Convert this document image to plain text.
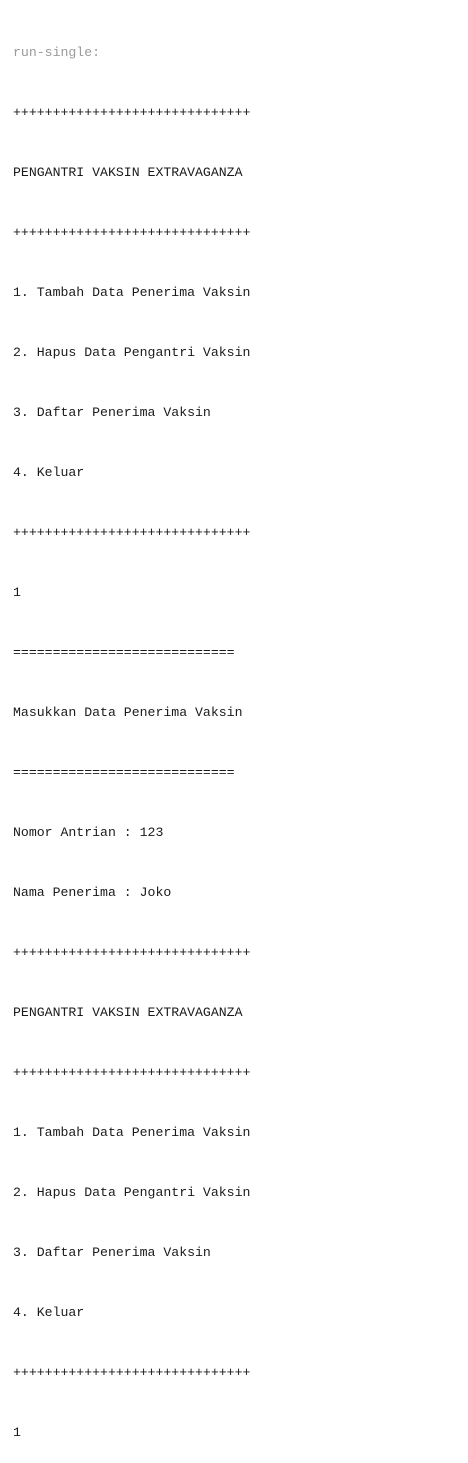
run-single:

++++++++++++++++++++++++++++++

PENGANTRI VAKSIN EXTRAVAGANZA

++++++++++++++++++++++++++++++

1. Tambah Data Penerima Vaksin

2. Hapus Data Pengantri Vaksin

3. Daftar Penerima Vaksin

4. Keluar

++++++++++++++++++++++++++++++

1

============================

Masukkan Data Penerima Vaksin

============================

Nomor Antrian : 123

Nama Penerima : Joko

++++++++++++++++++++++++++++++

PENGANTRI VAKSIN EXTRAVAGANZA

++++++++++++++++++++++++++++++

1. Tambah Data Penerima Vaksin

2. Hapus Data Pengantri Vaksin

3. Daftar Penerima Vaksin

4. Keluar

++++++++++++++++++++++++++++++

1
